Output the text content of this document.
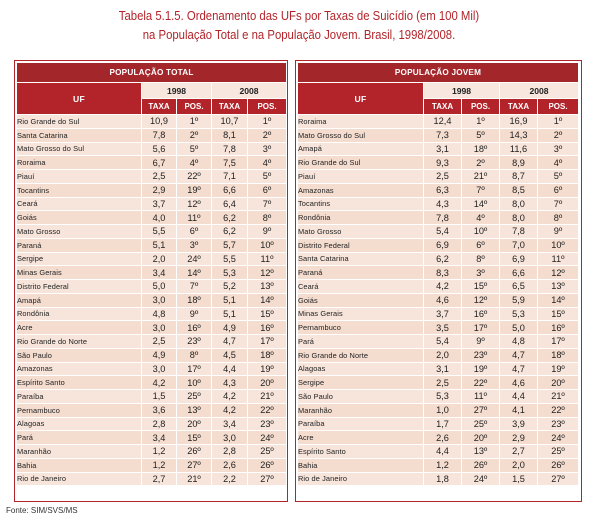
Tabela 5.1.5. Ordenamento das UFs por Taxas de Suicídio (em 100 Mil)
na População Total e na População Jovem. Brasil, 1998/2008.
POPULAÇÃO TOTAL				
UF	1998		2008	
	TAXA	POS.	TAXA	POS.
Rio Grande do Sul	10,9	1º	10,7	1º
Santa Catarina	7,8	2º	8,1	2º
Mato Grosso do Sul	5,6	5º	7,8	3º
Roraima	6,7	4º	7,5	4º
Piauí	2,5	22º	7,1	5º
Tocantins	2,9	19º	6,6	6º
Ceará	3,7	12º	6,4	7º
Goiás	4,0	11º	6,2	8º
Mato Grosso	5,5	6º	6,2	9º
Paraná	5,1	3º	5,7	10º
Sergipe	2,0	24º	5,5	11º
Minas Gerais	3,4	14º	5,3	12º
Distrito Federal	5,0	7º	5,2	13º
Amapá	3,0	18º	5,1	14º
Rondônia	4,8	9º	5,1	15º
Acre	3,0	16º	4,9	16º
Rio Grande do Norte	2,5	23º	4,7	17º
São Paulo	4,9	8º	4,5	18º
Amazonas	3,0	17º	4,4	19º
Espírito Santo	4,2	10º	4,3	20º
Paraíba	1,5	25º	4,2	21º
Pernambuco	3,6	13º	4,2	22º
Alagoas	2,8	20º	3,4	23º
Pará	3,4	15º	3,0	24º
Maranhão	1,2	26º	2,8	25º
Bahia	1,2	27º	2,6	26º
Rio de Janeiro	2,7	21º	2,2	27º
POPULAÇÃO JOVEM				
UF	1998		2008	
	TAXA	POS.	TAXA	POS.
Roraima	12,4	1º	16,9	1º
Mato Grosso do Sul	7,3	5º	14,3	2º
Amapá	3,1	18º	11,6	3º
Rio Grande do Sul	9,3	2º	8,9	4º
Piauí	2,5	21º	8,7	5º
Amazonas	6,3	7º	8,5	6º
Tocantins	4,3	14º	8,0	7º
Rondônia	7,8	4º	8,0	8º
Mato Grosso	5,4	10º	7,8	9º
Distrito Federal	6,9	6º	7,0	10º
Santa Catarina	6,2	8º	6,9	11º
Paraná	8,3	3º	6,6	12º
Ceará	4,2	15º	6,5	13º
Goiás	4,6	12º	5,9	14º
Minas Gerais	3,7	16º	5,3	15º
Pernambuco	3,5	17º	5,0	16º
Pará	5,4	9º	4,8	17º
Rio Grande do Norte	2,0	23º	4,7	18º
Alagoas	3,1	19º	4,7	19º
Sergipe	2,5	22º	4,6	20º
São Paulo	5,3	11º	4,4	21º
Maranhão	1,0	27º	4,1	22º
Paraíba	1,7	25º	3,9	23º
Acre	2,6	20º	2,9	24º
Espírito Santo	4,4	13º	2,7	25º
Bahia	1,2	26º	2,0	26º
Rio de Janeiro	1,8	24º	1,5	27º
Fonte: SIM/SVS/MS
